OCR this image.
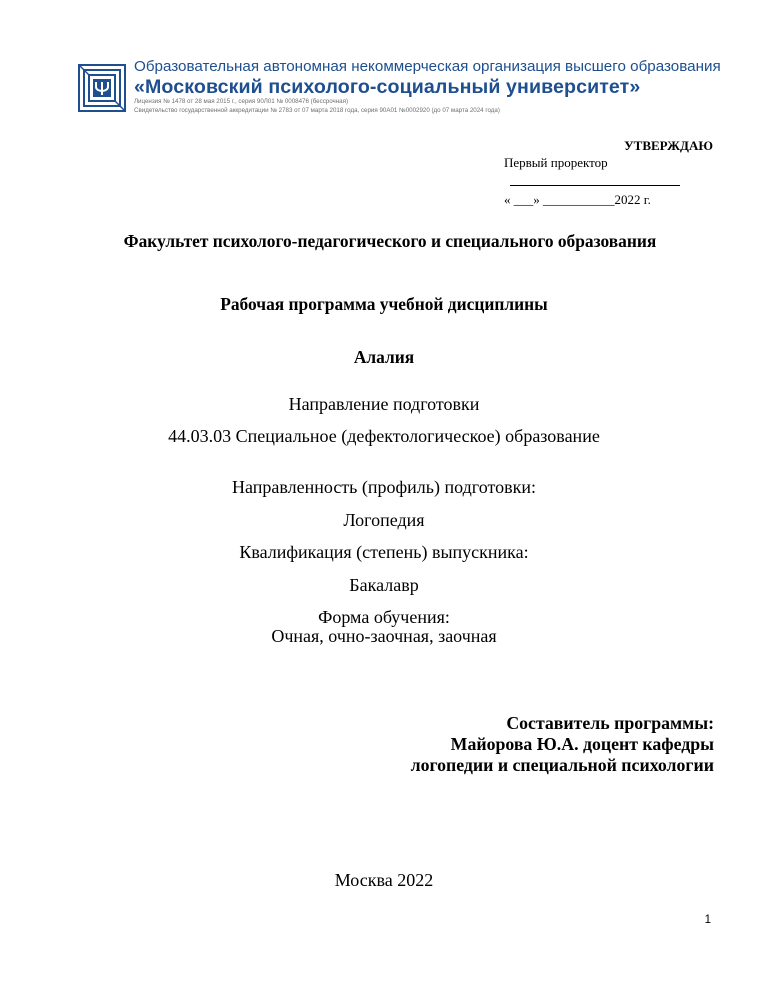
Образовательная автономная некоммерческая организация высшего образования
«Московский психолого-социальный университет»
Лицензия № 1478 от 28 мая 2015 г., серия 90Л01 № 0008476 (бессрочная)
Свидетельство государственной аккредитации № 2783 от 07 марта 2018 года, серия 90А01 №0002920 (до 07 марта 2024 года)
УТВЕРЖДАЮ
Первый проректор
« ___» ___________2022 г.
Факультет психолого-педагогического и специального образования
Рабочая программа учебной дисциплины
Алалия
Направление подготовки
44.03.03 Специальное (дефектологическое) образование
Направленность (профиль) подготовки:
Логопедия
Квалификация (степень) выпускника:
Бакалавр
Форма обучения:
Очная, очно-заочная, заочная
Составитель программы:
Майорова Ю.А. доцент кафедры
логопедии и специальной психологии
Москва 2022
1
